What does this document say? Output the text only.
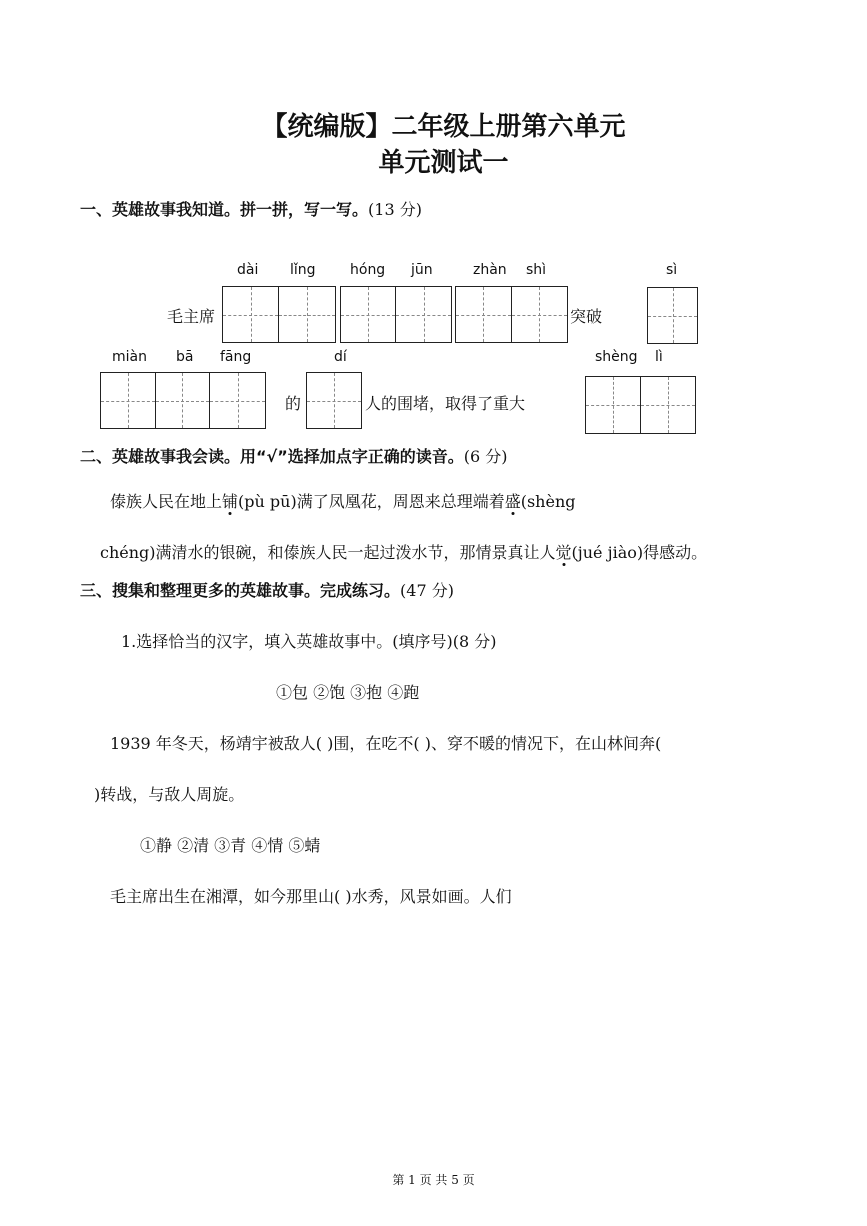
【统编版】二年级上册第六单元
单元测试一
一、英雄故事我知道。拼一拼，写一写。(13 分)
dài lǐng hóng jūn	zhàn shì	sì
毛主席	突破
miàn bā fāng	dí	shèng lì
的	人的围堵，取得了重大
二、英雄故事我会读。用“√”选择加点字正确的读音。(6 分)
傣族人民在地上铺(pù pū)满了凤凰花，周恩来总理端着盛(shèng
chéng)满清水的银碗，和傣族人民一起过泼水节，那情景真让人觉(jué jiào)得感动。
三、搜集和整理更多的英雄故事。完成练习。(47 分)
1.选择恰当的汉字，填入英雄故事中。(填序号)(8 分)
①包 ②饱 ③抱 ④跑
1939 年冬天，杨靖宇被敌人( )围，在吃不( )、穿不暖的情况下，在山林间奔(
)转战，与敌人周旋。
①静 ②清 ③青 ④情 ⑤蜻
毛主席出生在湘潭，如今那里山( )水秀，风景如画。人们
第 1 页 共 5 页
